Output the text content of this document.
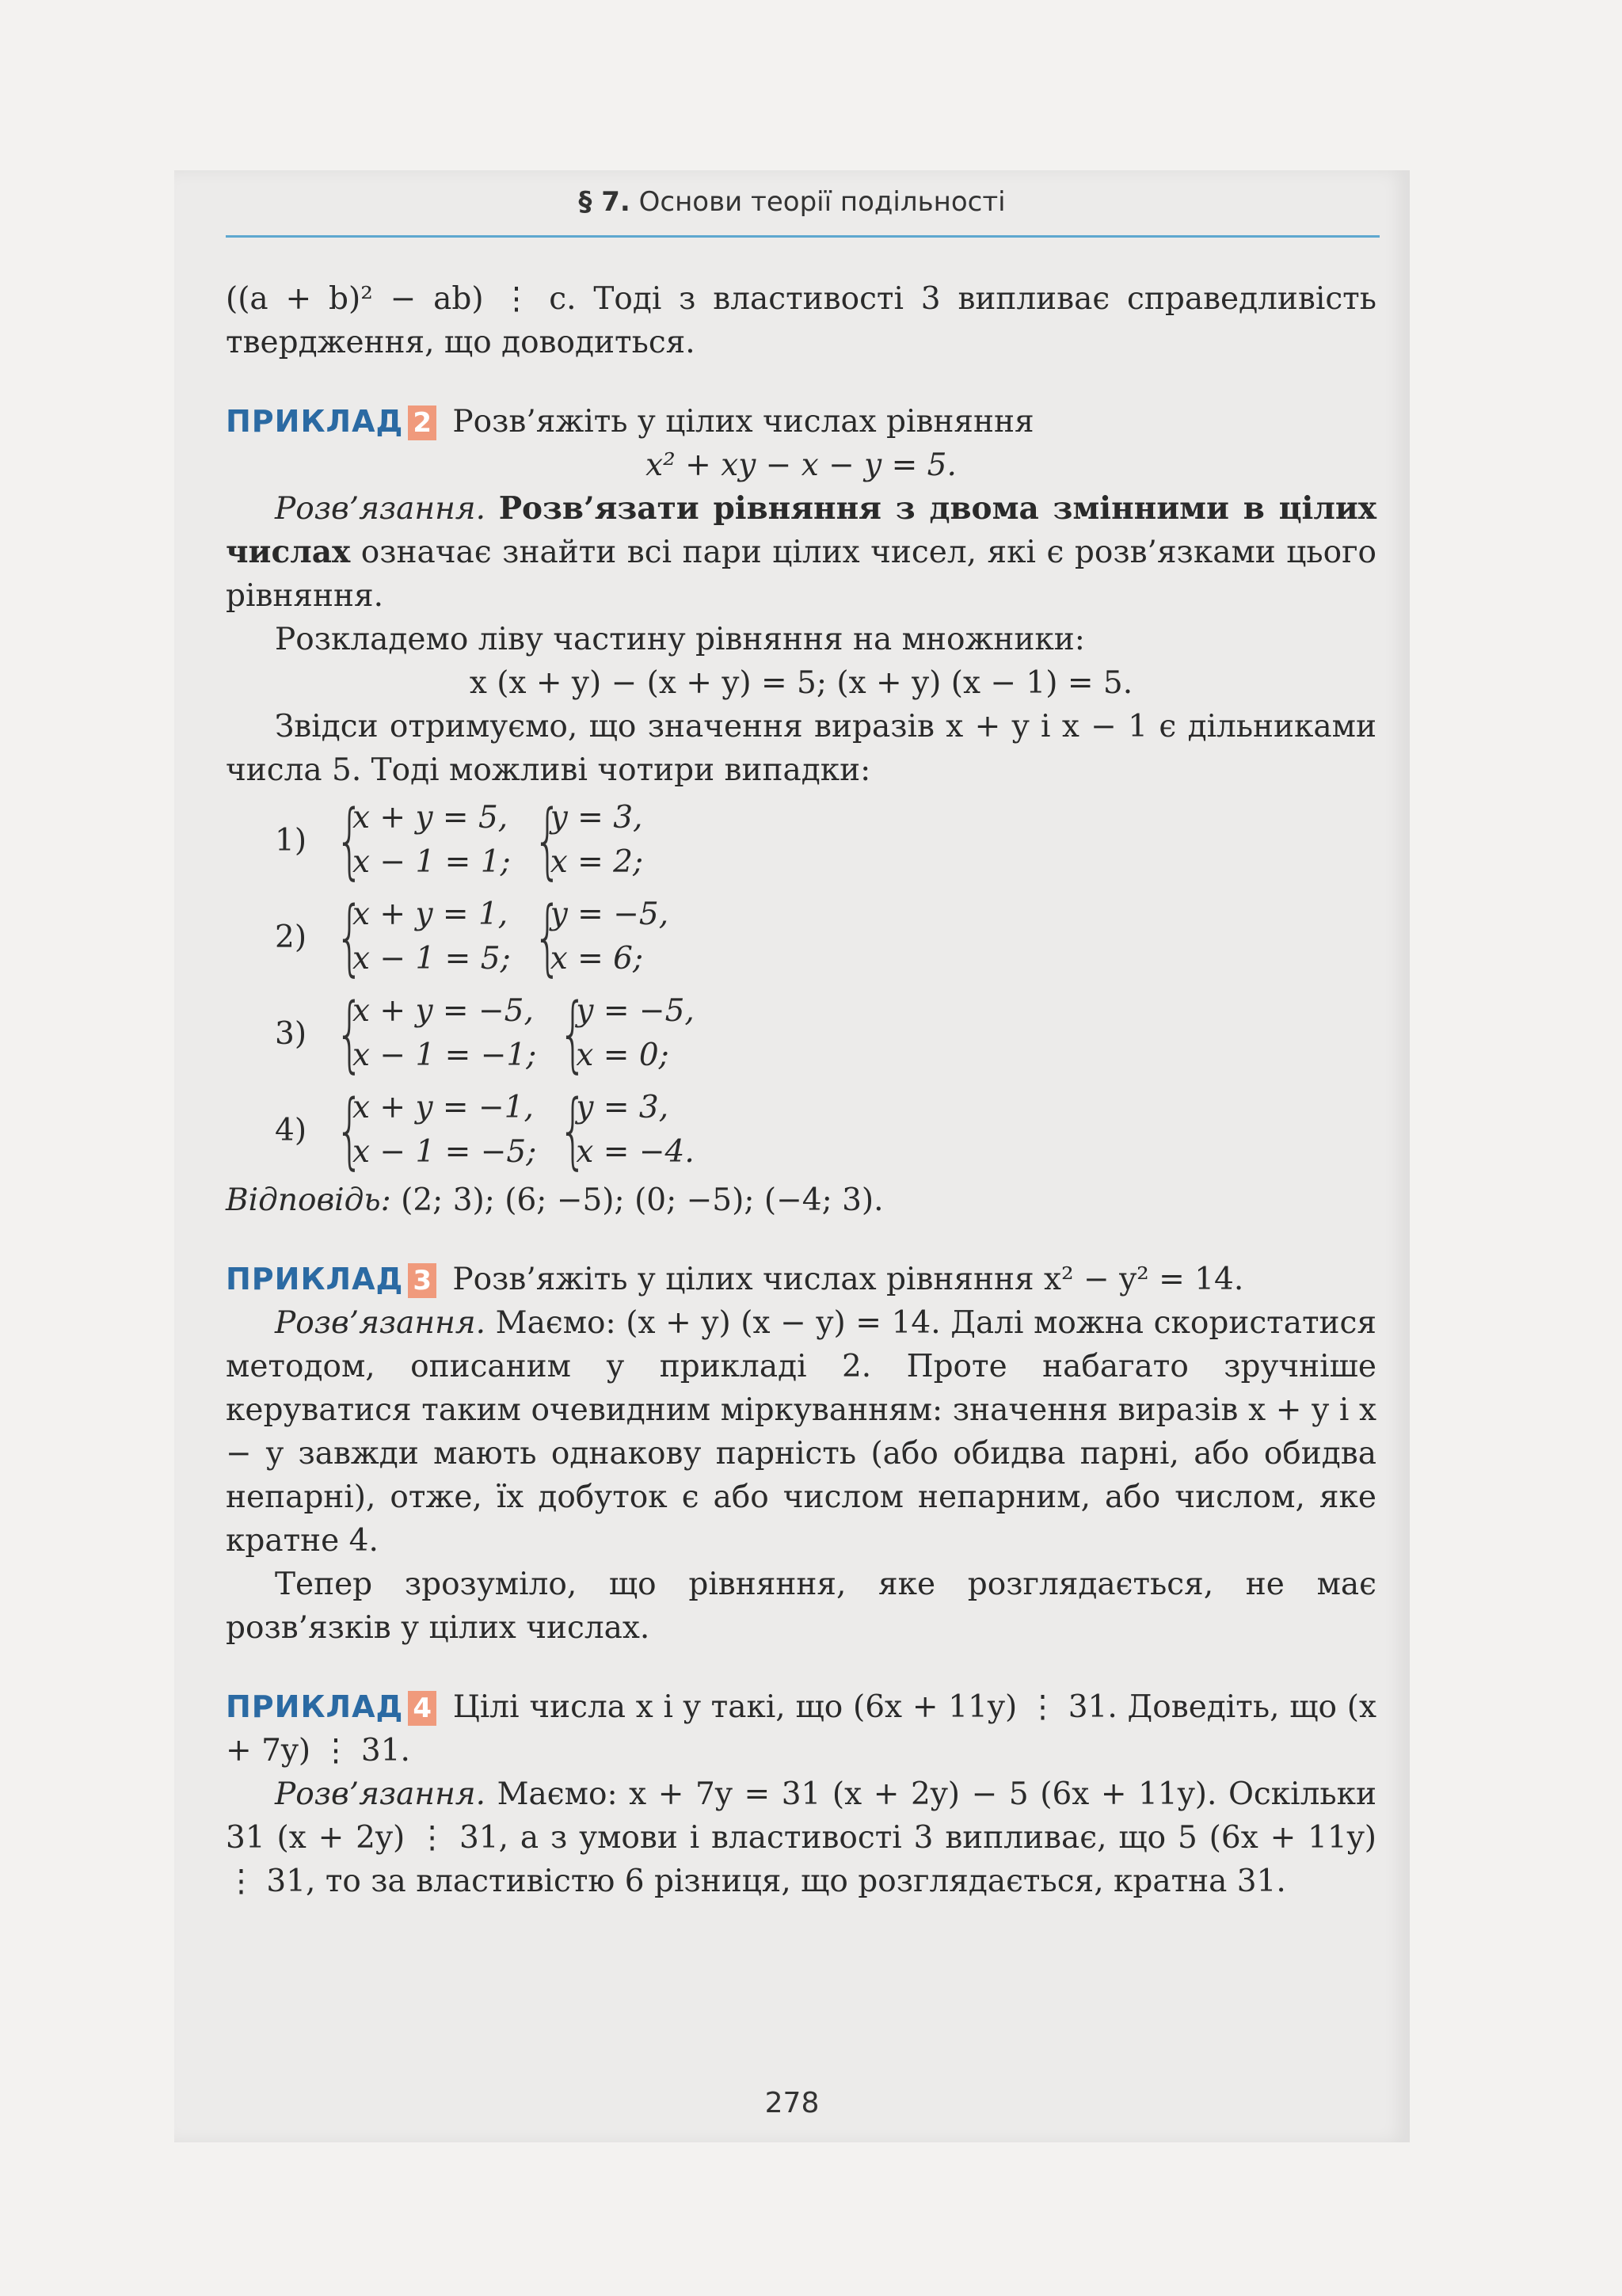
§ 7. Основи теорії подільності

((a + b)² − ab) ⋮ c. Тоді з властивості 3 випливає справедливість твердження, що доводиться.

ПРИКЛАД 2 Розв’яжіть у цілих числах рівняння

x² + xy − x − y = 5.

Розв’язання. Розв’язати рівняння з двома змінними в цілих числах означає знайти всі пари цілих чисел, які є розв’язками цього рівняння.

Розкладемо ліву частину рівняння на множники:

x (x + y) − (x + y) = 5; (x + y) (x − 1) = 5.

Звідси отримуємо, що значення виразів x + y і x − 1 є дільниками числа 5. Тоді можливі чотири випадки:

1) {
x + y = 5,
x − 1 = 1; {
y = 3,
x = 2;
2) {
x + y = 1,
x − 1 = 5; {
y = −5,
x = 6;
3) {
x + y = −5,
x − 1 = −1; {
y = −5,
x = 0;
4) {
x + y = −1,
x − 1 = −5; {
y = 3,
x = −4.

Відповідь: (2; 3); (6; −5); (0; −5); (−4; 3).

ПРИКЛАД 3 Розв’яжіть у цілих числах рівняння x² − y² = 14.

Розв’язання. Маємо: (x + y) (x − y) = 14. Далі можна скористатися методом, описаним у прикладі 2. Проте набагато зручніше керуватися таким очевидним міркуванням: значення виразів x + y і x − y завжди мають однакову парність (або обидва парні, або обидва непарні), отже, їх добуток є або числом непарним, або числом, яке кратне 4.

Тепер зрозуміло, що рівняння, яке розглядається, не має розв’язків у цілих числах.

ПРИКЛАД 4 Цілі числа x і y такі, що (6x + 11y) ⋮ 31. Доведіть, що (x + 7y) ⋮ 31.

Розв’язання. Маємо: x + 7y = 31 (x + 2y) − 5 (6x + 11y). Оскільки 31 (x + 2y) ⋮ 31, а з умови і властивості 3 випливає, що 5 (6x + 11y) ⋮ 31, то за властивістю 6 різниця, що розглядається, кратна 31.

278
